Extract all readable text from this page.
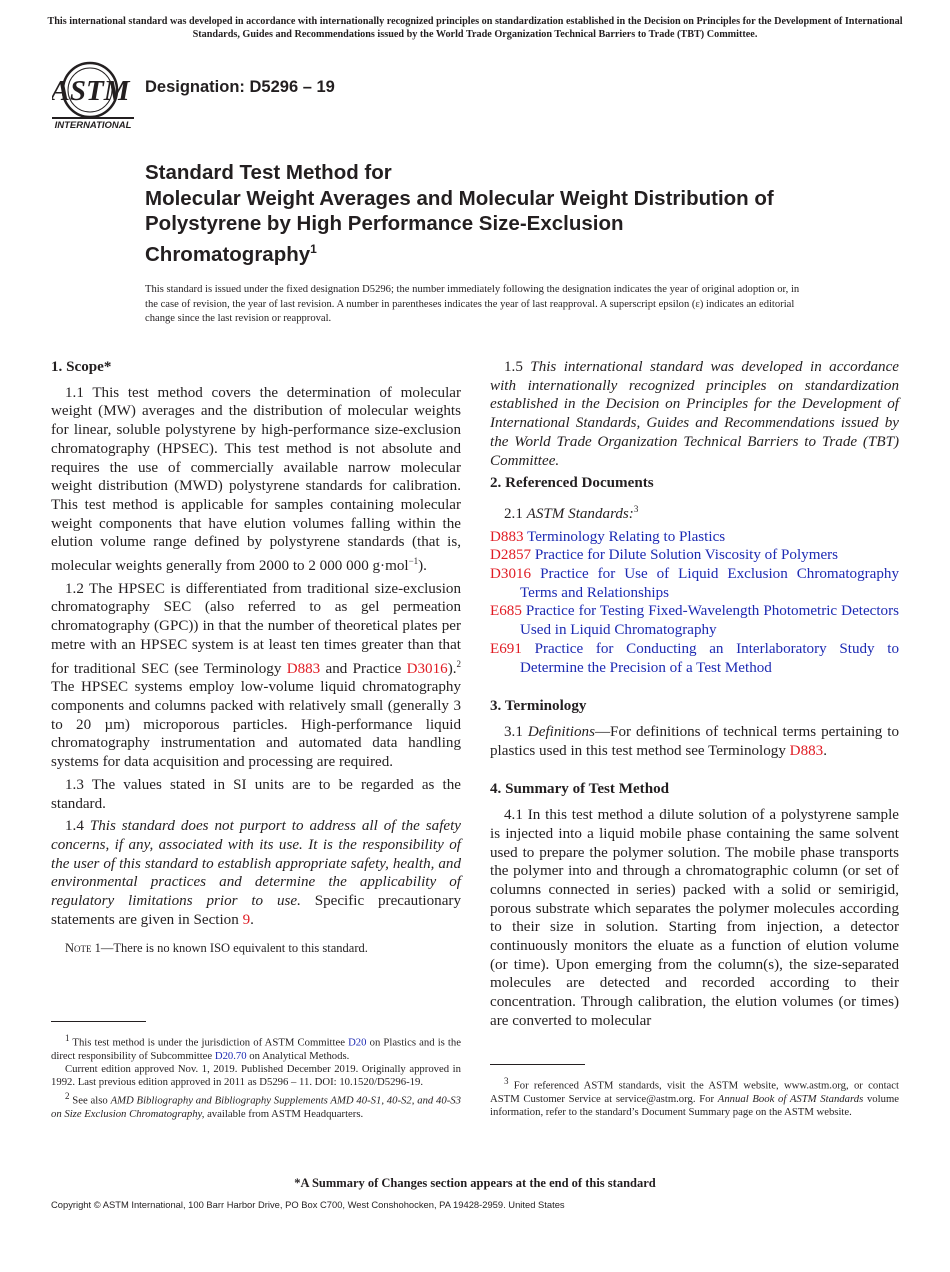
This international standard was developed in accordance with internationally recognized principles on standardization established in the Decision on Principles for the Development of International Standards, Guides and Recommendations issued by the World Trade Organization Technical Barriers to Trade (TBT) Committee.
ASTM
INTERNATIONAL
Designation: D5296 – 19
Standard Test Method for
Molecular Weight Averages and Molecular Weight Distribution of Polystyrene by High Performance Size-Exclusion Chromatography$^1$
This standard is issued under the fixed designation D5296; the number immediately following the designation indicates the year of original adoption or, in the case of revision, the year of last revision. A number in parentheses indicates the year of last reapproval. A superscript epsilon (ε) indicates an editorial change since the last revision or reapproval.
1. Scope*

1.1 This test method covers the determination of molecular weight (MW) averages and the distribution of molecular weights for linear, soluble polystyrene by high-performance size-exclusion chromatography (HPSEC). This test method is not absolute and requires the use of commercially available narrow molecular weight distribution (MWD) polystyrene standards for calibration. This test method is applicable for samples containing molecular weight components that have elution volumes falling within the elution volume range defined by polystyrene standards (that is, molecular weights generally from 2000 to 2 000 000 g·mol$^{-1}$).

1.2 The HPSEC is differentiated from traditional size-exclusion chromatography SEC (also referred to as gel permeation chromatography (GPC)) in that the number of theoretical plates per metre with an HPSEC system is at least ten times greater than that for traditional SEC (see Terminology D883 and Practice D3016).$^2$ The HPSEC systems employ low-volume liquid chromatography components and columns packed with relatively small (generally 3 to 20 µm) microporous particles. High-performance liquid chromatography instrumentation and automated data handling systems for data acquisition and processing are required.

1.3 The values stated in SI units are to be regarded as the standard.

1.4 This standard does not purport to address all of the safety concerns, if any, associated with its use. It is the responsibility of the user of this standard to establish appropriate safety, health, and environmental practices and determine the applicability of regulatory limitations prior to use. Specific precautionary statements are given in Section 9.

Note 1—There is no known ISO equivalent to this standard.

$^1$ This test method is under the jurisdiction of ASTM Committee D20 on Plastics and is the direct responsibility of Subcommittee D20.70 on Analytical Methods.

Current edition approved Nov. 1, 2019. Published December 2019. Originally approved in 1992. Last previous edition approved in 2011 as D5296 – 11. DOI: 10.1520/D5296-19.

$^2$ See also AMD Bibliography and Bibliography Supplements AMD 40-S1, 40-S2, and 40-S3 on Size Exclusion Chromatography, available from ASTM Headquarters.

1.5 This international standard was developed in accordance with internationally recognized principles on standardization established in the Decision on Principles for the Development of International Standards, Guides and Recommendations issued by the World Trade Organization Technical Barriers to Trade (TBT) Committee.

2. Referenced Documents

2.1 ASTM Standards:$^3$

D883 Terminology Relating to Plastics
D2857 Practice for Dilute Solution Viscosity of Polymers
D3016 Practice for Use of Liquid Exclusion Chromatography Terms and Relationships
E685 Practice for Testing Fixed-Wavelength Photometric Detectors Used in Liquid Chromatography
E691 Practice for Conducting an Interlaboratory Study to Determine the Precision of a Test Method
3. Terminology

3.1 Definitions—For definitions of technical terms pertaining to plastics used in this test method see Terminology D883.

4. Summary of Test Method

4.1 In this test method a dilute solution of a polystyrene sample is injected into a liquid mobile phase containing the same solvent used to prepare the polymer solution. The mobile phase transports the polymer into and through a chromatographic column (or set of columns connected in series) packed with a solid or semirigid, porous substrate which separates the polymer molecules according to their size in solution. Starting from injection, a detector continuously monitors the eluate as a function of elution volume (or time). Upon emerging from the column(s), the size-separated molecules are detected and recorded according to their concentration. Through calibration, the elution volumes (or times) are converted to molecular

$^3$ For referenced ASTM standards, visit the ASTM website, www.astm.org, or contact ASTM Customer Service at service@astm.org. For Annual Book of ASTM Standards volume information, refer to the standard’s Document Summary page on the ASTM website.

*A Summary of Changes section appears at the end of this standard
Copyright © ASTM International, 100 Barr Harbor Drive, PO Box C700, West Conshohocken, PA 19428-2959. United States
